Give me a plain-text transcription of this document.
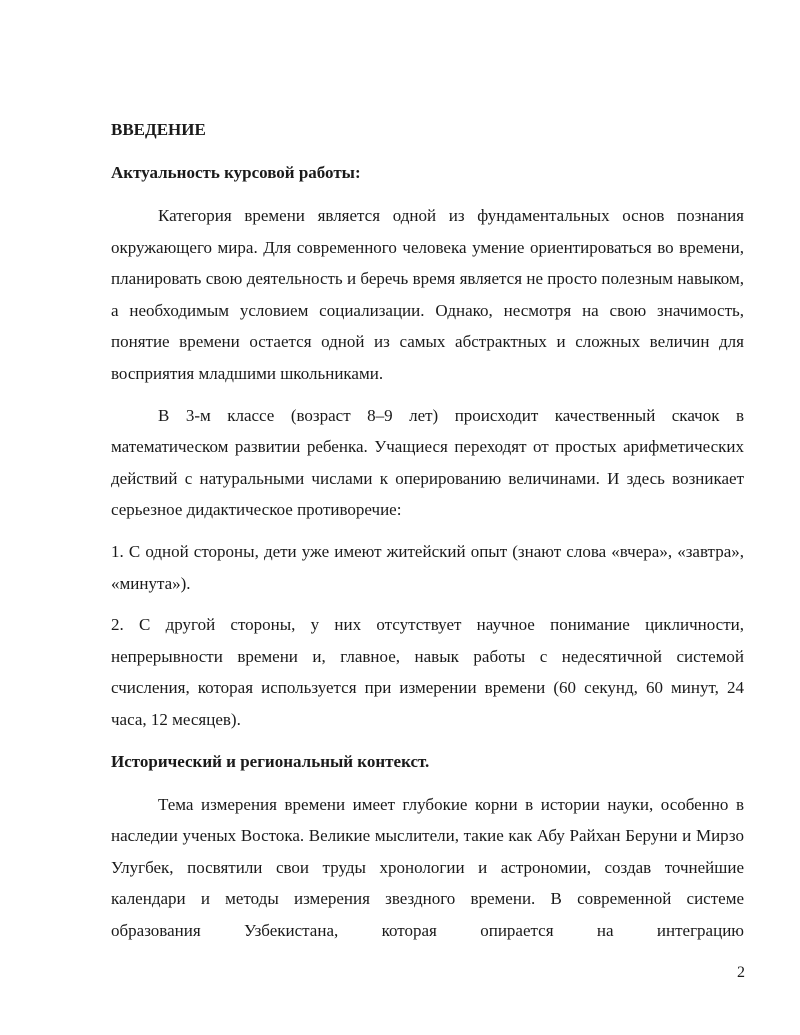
ВВЕДЕНИЕ
Актуальность курсовой работы:

Категория времени является одной из фундаментальных основ познания окружающего мира. Для современного человека умение ориентироваться во времени, планировать свою деятельность и беречь время является не просто полезным навыком, а необходимым условием социализации. Однако, несмотря на свою значимость, понятие времени остается одной из самых абстрактных и сложных величин для восприятия младшими школьниками.

В 3-м классе (возраст 8–9 лет) происходит качественный скачок в математическом развитии ребенка. Учащиеся переходят от простых арифметических действий с натуральными числами к оперированию величинами. И здесь возникает серьезное дидактическое противоречие:

1. С одной стороны, дети уже имеют житейский опыт (знают слова «вчера», «завтра», «минута»).

2. С другой стороны, у них отсутствует научное понимание цикличности, непрерывности времени и, главное, навык работы с недесятичной системой счисления, которая используется при измерении времени (60 секунд, 60 минут, 24 часа, 12 месяцев).

Исторический и региональный контекст.

Тема измерения времени имеет глубокие корни в истории науки, особенно в наследии ученых Востока. Великие мыслители, такие как Абу Райхан Беруни и Мирзо Улугбек, посвятили свои труды хронологии и астрономии, создав точнейшие календари и методы измерения звездного времени. В современной системе образования Узбекистана, которая опирается на интеграцию

2
